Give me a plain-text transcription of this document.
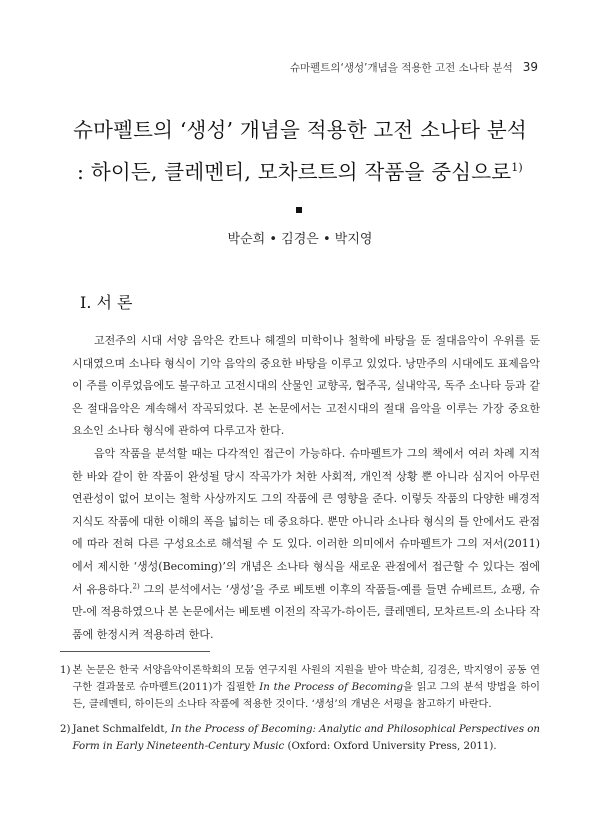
슈마펠트의‘생성’개념을 적용한 고전 소나타 분석 39
슈마펠트의 ‘생성’ 개념을 적용한 고전 소나타 분석
: 하이든, 클레멘티, 모차르트의 작품을 중심으로$^{1)}$
박순희 • 김경은 • 박지영
I. 서 론

고전주의 시대 서양 음악은 칸트나 헤겔의 미학이나 철학에 바탕을 둔 절대음악이 우위를 둔 시대였으며 소나타 형식이 기악 음악의 중요한 바탕을 이루고 있었다. 낭만주의 시대에도 표제음악이 주를 이루었음에도 불구하고 고전시대의 산물인 교향곡, 협주곡, 실내악곡, 독주 소나타 등과 같은 절대음악은 계속해서 작곡되었다. 본 논문에서는 고전시대의 절대 음악을 이루는 가장 중요한 요소인 소나타 형식에 관하여 다루고자 한다.

음악 작품을 분석할 때는 다각적인 접근이 가능하다. 슈마펠트가 그의 책에서 여러 차례 지적한 바와 같이 한 작품이 완성될 당시 작곡가가 처한 사회적, 개인적 상황 뿐 아니라 심지어 아무런 연관성이 없어 보이는 철학 사상까지도 그의 작품에 큰 영향을 준다. 이렇듯 작품의 다양한 배경적 지식도 작품에 대한 이해의 폭을 넓히는 데 중요하다. 뿐만 아니라 소나타 형식의 틀 안에서도 관점에 따라 전혀 다른 구성요소로 해석될 수 도 있다. 이러한 의미에서 슈마펠트가 그의 저서(2011)에서 제시한 ‘생성(Becoming)’의 개념은 소나타 형식을 새로운 관점에서 접근할 수 있다는 점에서 유용하다.$^{2)}$ 그의 분석에서는 ‘생성’을 주로 베토벤 이후의 작품들-예를 들면 슈베르트, 쇼팽, 슈만-에 적용하였으나 본 논문에서는 베토벤 이전의 작곡가-하이든, 클레멘티, 모차르트-의 소나타 작품에 한정시켜 적용하려 한다.

1) 본 논문은 한국 서양음악이론학회의 모둠 연구지원 사원의 지원을 받아 박순희, 김경은, 박지영이 공동 연구한 결과물로 슈마펠트(2011)가 집필한 In the Process of Becoming을 읽고 그의 분석 방법을 하이든, 클레멘티, 하이든의 소나타 작품에 적용한 것이다. ‘생성’의 개념은 서평을 참고하기 바란다.
2) Janet Schmalfeldt, In the Process of Becoming: Analytic and Philosophical Perspectives on Form in Early Nineteenth-Century Music (Oxford: Oxford University Press, 2011).
